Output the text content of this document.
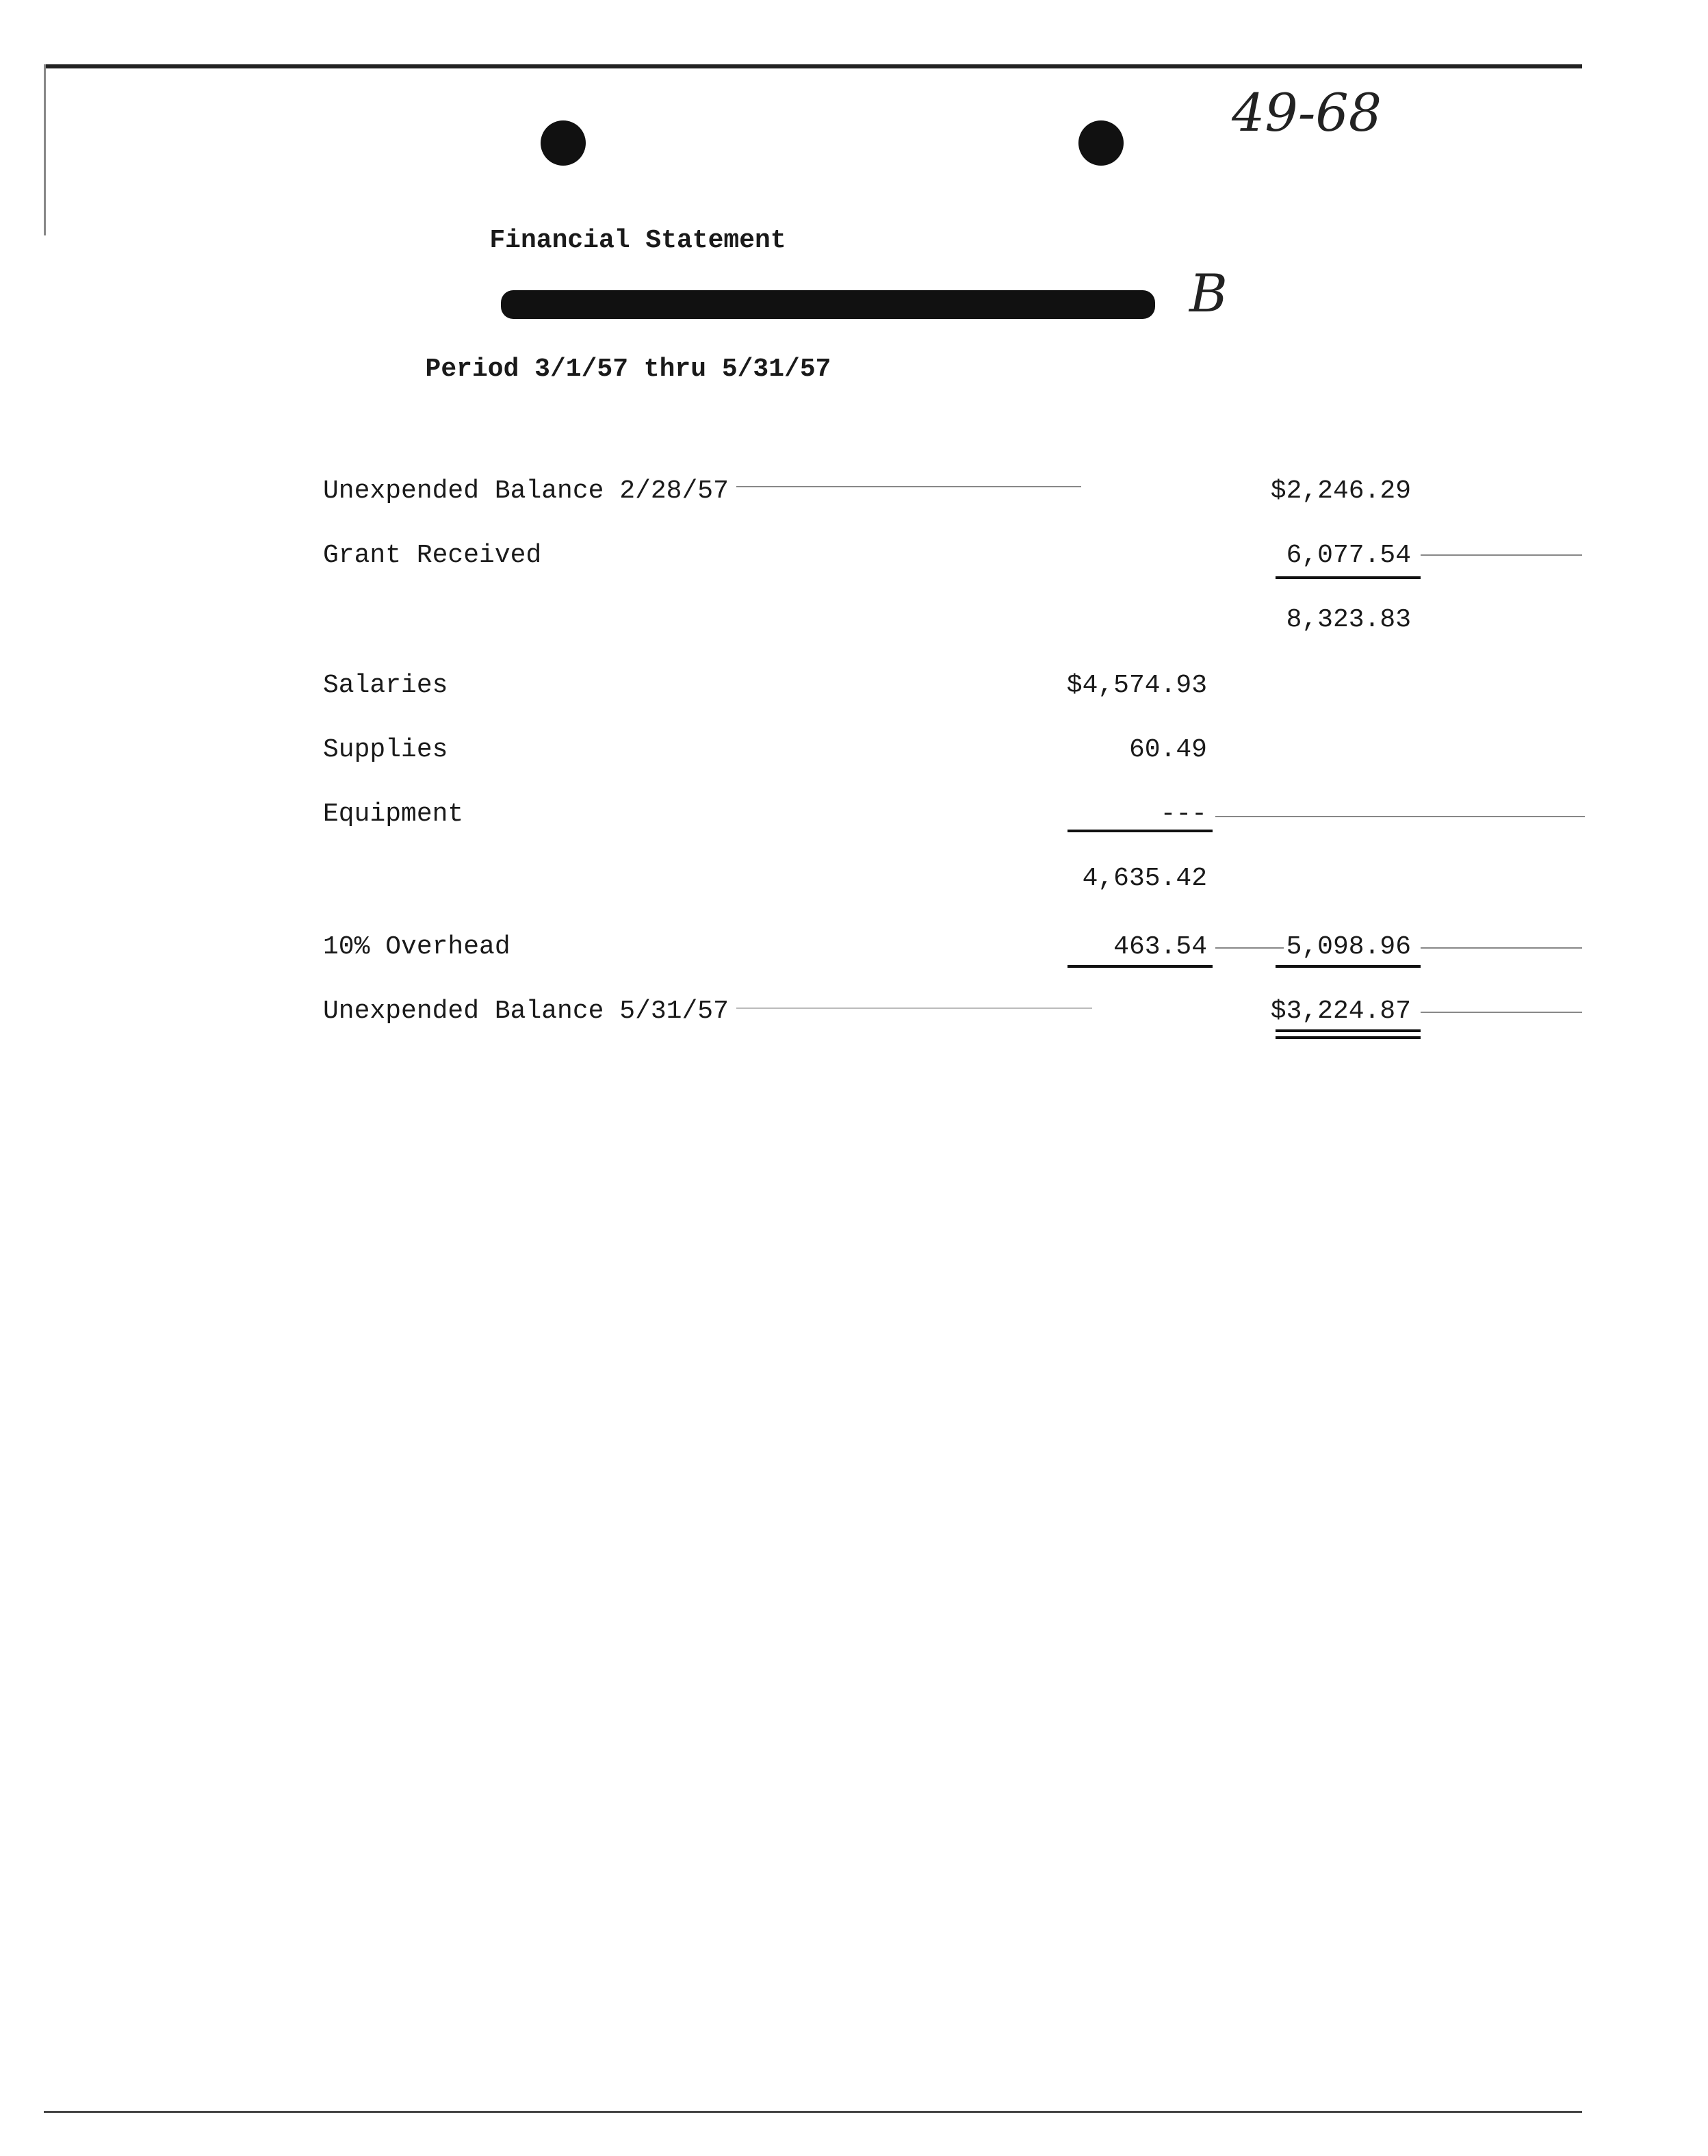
49-68
B
Financial Statement
Period 3/1/57 thru 5/31/57
Unexpended Balance 2/28/57	$2,246.29
Grant Received	6,077.54
8,323.83
Salaries	$4,574.93
Supplies	60.49
Equipment	---
4,635.42
10% Overhead	463.54	5,098.96
Unexpended Balance 5/31/57	$3,224.87
